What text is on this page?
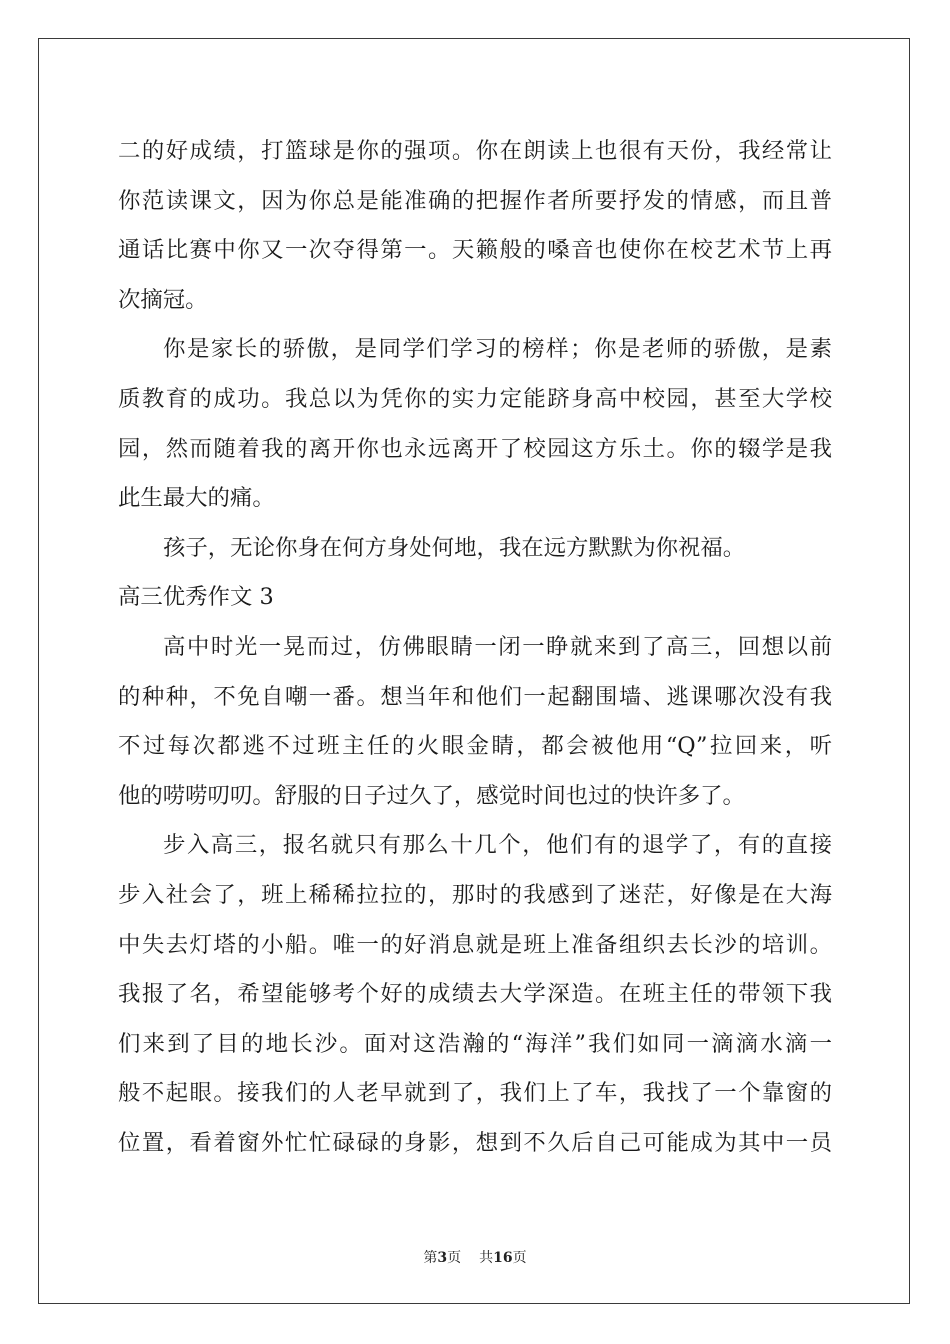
二的好成绩，打篮球是你的强项。你在朗读上也很有天份，我经常让
你范读课文，因为你总是能准确的把握作者所要抒发的情感，而且普
通话比赛中你又一次夺得第一。天籁般的嗓音也使你在校艺术节上再
次摘冠。
你是家长的骄傲，是同学们学习的榜样；你是老师的骄傲，是素
质教育的成功。我总以为凭你的实力定能跻身高中校园，甚至大学校
园，然而随着我的离开你也永远离开了校园这方乐土。你的辍学是我
此生最大的痛。
孩子，无论你身在何方身处何地，我在远方默默为你祝福。
高三优秀作文 3
高中时光一晃而过，仿佛眼睛一闭一睁就来到了高三，回想以前
的种种，不免自嘲一番。想当年和他们一起翻围墙、逃课哪次没有我
不过每次都逃不过班主任的火眼金睛，都会被他用“Q”拉回来，听
他的唠唠叨叨。舒服的日子过久了，感觉时间也过的快许多了。
步入高三，报名就只有那么十几个，他们有的退学了，有的直接
步入社会了，班上稀稀拉拉的，那时的我感到了迷茫，好像是在大海
中失去灯塔的小船。唯一的好消息就是班上准备组织去长沙的培训。
我报了名，希望能够考个好的成绩去大学深造。在班主任的带领下我
们来到了目的地长沙。面对这浩瀚的“海洋”我们如同一滴滴水滴一
般不起眼。接我们的人老早就到了，我们上了车，我找了一个靠窗的
位置，看着窗外忙忙碌碌的身影，想到不久后自己可能成为其中一员
第3页 共16页
